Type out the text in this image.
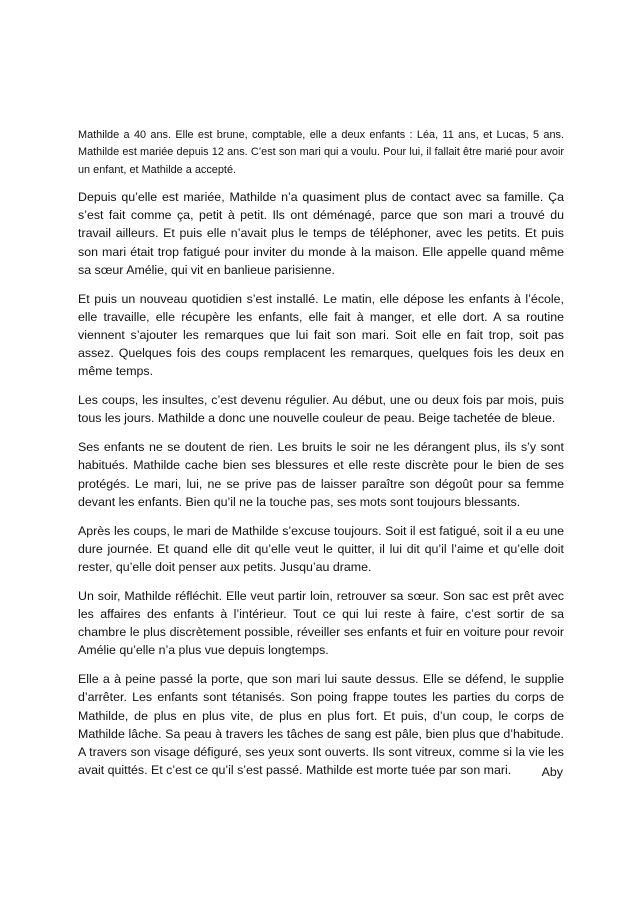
Mathilde a 40 ans. Elle est brune, comptable, elle a deux enfants : Léa, 11 ans, et Lucas, 5 ans. Mathilde est mariée depuis 12 ans. C’est son mari qui a voulu. Pour lui, il fallait être marié pour avoir un enfant, et Mathilde a accepté.

Depuis qu’elle est mariée, Mathilde n’a quasiment plus de contact avec sa famille. Ça s’est fait comme ça, petit à petit. Ils ont déménagé, parce que son mari a trouvé du travail ailleurs. Et puis elle n’avait plus le temps de téléphoner, avec les petits. Et puis son mari était trop fatigué pour inviter du monde à la maison. Elle appelle quand même sa sœur Amélie, qui vit en banlieue parisienne.

Et puis un nouveau quotidien s’est installé. Le matin, elle dépose les enfants à l’école, elle travaille, elle récupère les enfants, elle fait à manger, et elle dort. A sa routine viennent s’ajouter les remarques que lui fait son mari. Soit elle en fait trop, soit pas assez. Quelques fois des coups remplacent les remarques, quelques fois les deux en même temps.

Les coups, les insultes, c’est devenu régulier. Au début, une ou deux fois par mois, puis tous les jours. Mathilde a donc une nouvelle couleur de peau. Beige tachetée de bleue.

Ses enfants ne se doutent de rien. Les bruits le soir ne les dérangent plus, ils s’y sont habitués. Mathilde cache bien ses blessures et elle reste discrète pour le bien de ses protégés. Le mari, lui, ne se prive pas de laisser paraître son dégoût pour sa femme devant les enfants. Bien qu’il ne la touche pas, ses mots sont toujours blessants.

Après les coups, le mari de Mathilde s’excuse toujours. Soit il est fatigué, soit il a eu une dure journée. Et quand elle dit qu’elle veut le quitter, il lui dit qu’il l’aime et qu’elle doit rester, qu’elle doit penser aux petits. Jusqu’au drame.

Un soir, Mathilde réfléchit. Elle veut partir loin, retrouver sa sœur. Son sac est prêt avec les affaires des enfants à l’intérieur. Tout ce qui lui reste à faire, c’est sortir de sa chambre le plus discrètement possible, réveiller ses enfants et fuir en voiture pour revoir Amélie qu’elle n’a plus vue depuis longtemps.

Elle a à peine passé la porte, que son mari lui saute dessus. Elle se défend, le supplie d’arrêter. Les enfants sont tétanisés. Son poing frappe toutes les parties du corps de Mathilde, de plus en plus vite, de plus en plus fort. Et puis, d’un coup, le corps de Mathilde lâche. Sa peau à travers les tâches de sang est pâle, bien plus que d’habitude. A travers son visage défiguré, ses yeux sont ouverts. Ils sont vitreux, comme si la vie les avait quittés. Et c’est ce qu’il s’est passé. Mathilde est morte tuée par son mari.	Aby
